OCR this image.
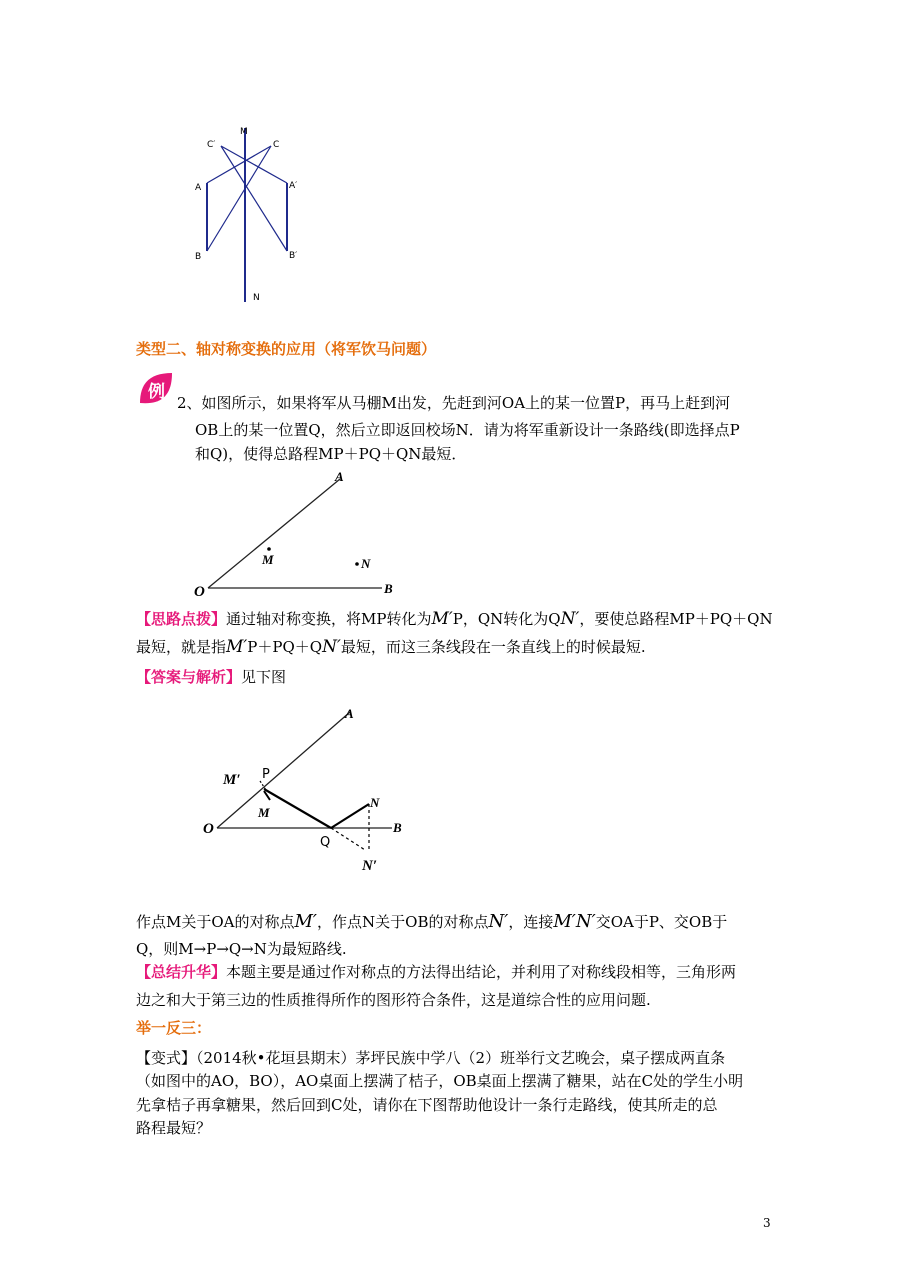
M
N
C
C′
A	A′
B	B′
类型二、轴对称变换的应用（将军饮马问题）
例
2、如图所示，如果将军从马棚M出发，先赶到河OA上的某一位置P，再马上赶到河
OB上的某一位置Q，然后立即返回校场N．请为将军重新设计一条路线(即选择点P
和Q)，使得总路程MP＋PQ＋QN最短．
O
A
B
M	N
【思路点拨】通过轴对称变换，将MP转化为M′P，QN转化为QN′，要使总路程MP＋PQ＋QN
最短，就是指M′P＋PQ＋QN′最短，而这三条线段在一条直线上的时候最短.
【答案与解析】见下图
O
A
B
M
M′ P
N
N′
Q
作点M关于OA的对称点M′，作点N关于OB的对称点N′，连接M′N′交OA于P、交OB于
Q，则M→P→Q→N为最短路线.
【总结升华】本题主要是通过作对称点的方法得出结论，并利用了对称线段相等，三角形两
边之和大于第三边的性质推得所作的图形符合条件，这是道综合性的应用问题.
举一反三：
【变式】（2014秋•花垣县期末）茅坪民族中学八（2）班举行文艺晚会，桌子摆成两直条
（如图中的AO，BO），AO桌面上摆满了桔子，OB桌面上摆满了糖果，站在C处的学生小明
先拿桔子再拿糖果，然后回到C处，请你在下图帮助他设计一条行走路线，使其所走的总
路程最短？
3
